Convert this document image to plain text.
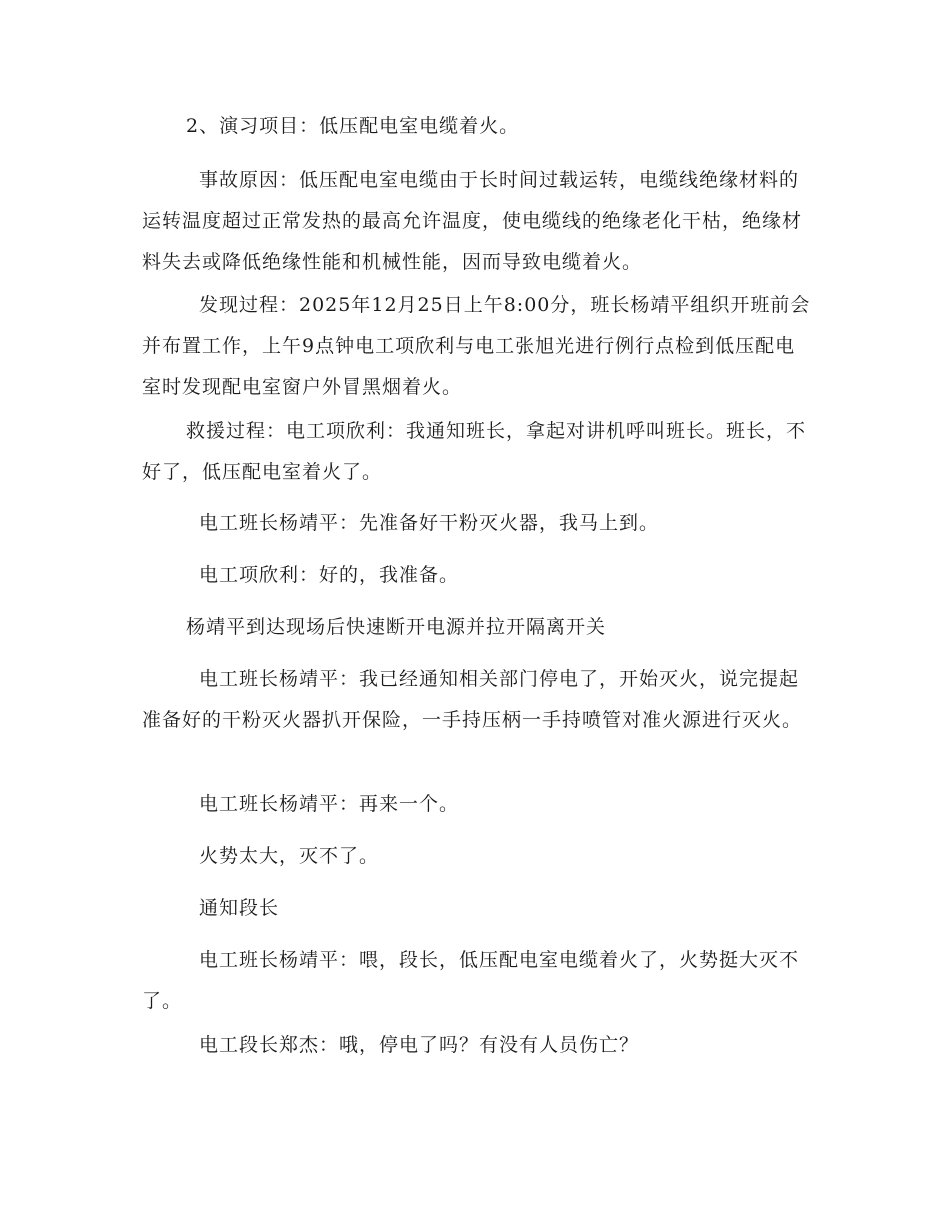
2、演习项目：低压配电室电缆着火。

事故原因：低压配电室电缆由于长时间过载运转，电缆线绝缘材料的运转温度超过正常发热的最高允许温度，使电缆线的绝缘老化干枯，绝缘材料失去或降低绝缘性能和机械性能，因而导致电缆着火。

发现过程：2025年12月25日上午8:00分，班长杨靖平组织开班前会并布置工作，上午9点钟电工项欣利与电工张旭光进行例行点检到低压配电室时发现配电室窗户外冒黑烟着火。

救援过程：电工项欣利：我通知班长，拿起对讲机呼叫班长。班长，不好了，低压配电室着火了。

电工班长杨靖平：先准备好干粉灭火器，我马上到。

电工项欣利：好的，我准备。

杨靖平到达现场后快速断开电源并拉开隔离开关

电工班长杨靖平：我已经通知相关部门停电了，开始灭火，说完提起准备好的干粉灭火器扒开保险，一手持压柄一手持喷管对准火源进行灭火。

电工班长杨靖平：再来一个。

火势太大，灭不了。

通知段长

电工班长杨靖平：喂，段长，低压配电室电缆着火了，火势挺大灭不了。

电工段长郑杰：哦，停电了吗？有没有人员伤亡？
